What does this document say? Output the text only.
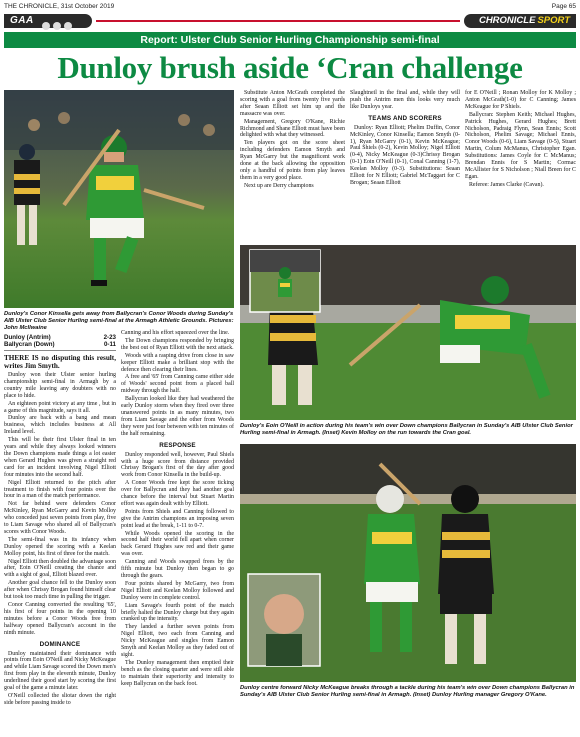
THE CHRONICLE, 31st October 2019	Page 65
GAA	CHRONICLE SPORT
Report: Ulster Club Senior Hurling Championship semi-final
Dunloy brush aside ‘Cran challenge
Dunloy's Conor Kinsella gets away from Ballycran's Conor Woods during Sunday's AIB Ulster Club Senior Hurling semi-final at the Armagh Athletic Grounds. Pictures: John McIlwaine
Dunloy (Antrim)	2-23
Ballycran (Down)	0-11
THERE IS no disputing this result, writes Jim Smyth.

Dunloy won their Ulster senior hurling championship semi-final in Armagh by a country mile leaving any doubters with no place to hide.

An eighteen point victory at any time , but in a game of this magnitude, says it all.

Dunloy are back with a bang and mean business, which includes business at All Ireland level.

This will be their first Ulster final in ten years and while they always looked winners the Down champions made things a lot easier when Gerard Hughes was given a straight red card for an incident involving Nigel Elliott four minutes into the second half.

Nigel Elliott returned to the pitch after treatment to finish with four points over the hour in a man of the match performance.

Not far behind were defenders Conor McKinley, Ryan McGarry and Kevin Molloy who conceded just seven points from play, five to Liam Savage who shared all of Ballycran's scores with Conor Woods.

The semi-final was in its infancy when Dunloy opened the scoring with a Keelan Molloy point, his first of three for the match.

Nigel Elliott then doubled the advantage soon after, Eoin O'Neill creating the chance and with a sight of goal, Elliott blazed over.

Another goal chance fell to the Dunloy soon after when Chrissy Brogan found himself clear but took too much time in pulling the trigger.

Conor Canning converted the resulting '65', his first of four points in the opening 10 minutes before a Conor Woods free from halfway opened Ballycran's account in the ninth minute.

DOMINANCE

Dunloy maintained their dominance with points from Eoin O'Neill and Nicky McKeague and while Liam Savage scored the Down men's first from play in the eleventh minute, Dunloy underlined their good start by scoring the first goal of the game a minute later.

O'Neill collected the sliotar down the right side before passing inside to

Canning and his effort squeezed over the line.

The Down champions responded by bringing the best out of Ryan Elliott with the next attack.

Woods with a rasping drive from close in saw keeper Elliott make a brilliant stop with the defence then clearing their lines.

A free and '65' from Canning came either side of Woods' second point from a placed ball midway through the half.

Ballycran looked like they had weathered the early Dunloy storm when they fired over three unanswered points in as many minutes, two from Liam Savage and the other from Woods they were just four between with ten minutes of the half remaining.

RESPONSE

Dunloy responded well, however, Paul Shiels with a huge score from distance provided Chrissy Brogan's first of the day after good work from Conor Kinsella in the build-up.

A Conor Woods free kept the score ticking over for Ballycran and they had another goal chance before the interval but Stuart Martin effort was again dealt with by Elliott.

Points from Shiels and Canning followed to give the Antrim champions an imposing seven point lead at the break, 1-11 to 0-7.

While Woods opened the scoring in the second half their world fell apart when corner back Gerard Hughes saw red and their game was over.

Canning and Woods swapped frees by the fifth minute but Dunloy then began to go through the gears.

Four points shared by McGarry, two from Nigel Elliott and Keelan Molloy followed and Dunloy were in complete control.

Liam Savage's fourth point of the match briefly halted the Dunloy charge but they again cranked up the intensity.

They landed a further seven points from Nigel Elliott, two each from Canning and Nicky McKeague and singles from Eamon Smyth and Keelan Molloy as they faded out of sight.

The Dunloy management then emptied their bench as the closing quarter and were still able to maintain their superiority and intensity to keep Ballycran on the back foot.

Substitute Anton McGrath completed the scoring with a goal from twenty five yards after Seaan Elliott set him up and the massacre was over.

Management, Gregory O'Kane, Richie Richmond and Shane Elliott must have been delighted with what they witnessed.

Ten players got on the score sheet including defenders Eamon Smyth and Ryan McGarry but the magnificent work done at the back allowing the opposition only a handful of points from play leaves them in a very good place.

Next up are Derry champions

Slaughtneil in the final and, while they will push the Antrim men this looks very much like Dunloys year.

TEAMS AND SCORERS

Dunloy: Ryan Elliott; Phelim Duffin, Conor McKinley, Conor Kinsella; Eamon Smyth (0-1), Ryan McGarry (0-1), Kevin McKeague; Paul Shiels (0-2), Kevin Molloy; Nigel Elliott (0-4), Nicky McKeague (0-3)Chrissy Brogan (0-1) Eoin O'Neill (0-1), Conal Canning (1-7), Keelan Molloy (0-3). Substitutions: Seaan Elliott for N Elliott; Gabriel McTaggart for C Brogan; Seaan Elliott

for E O'Neill ; Ronan Molloy for K Molloy ; Anton McGrath(1-0) for C Canning; James McKeague for P Shiels.

Ballycran: Stephen Keith; Michael Hughes, Patrick Hughes, Gerard Hughes; Brett Nicholson, Padraig Flynn, Sean Ennis; Scott Nicholson, Phelim Savage; Michael Ennis, Conor Woods (0-6), Liam Savage (0-5), Stuart Martin, Colum McManus, Christopher Egan. Substitutions: James Coyle for C McManus; Brendan Ennis for S Martin; Cormac McAllister for S Nicholson ; Niall Breen for C Egan.

Referee: James Clarke (Cavan).

Dunloy's Eoin O'Neill in action during his team's win over Down champions Ballycran in Sunday's AIB Ulster Club Senior Hurling semi-final in Armagh. (Inset) Kevin Molloy on the run towards the Cran goal.
Dunloy centre forward Nicky McKeague breaks through a tackle during his team's win over Down champions Ballycran in Sunday's AIB Ulster Club Senior Hurling semi-final in Armagh. (Inset) Dunloy Hurling manager Gregory O'Kane.
